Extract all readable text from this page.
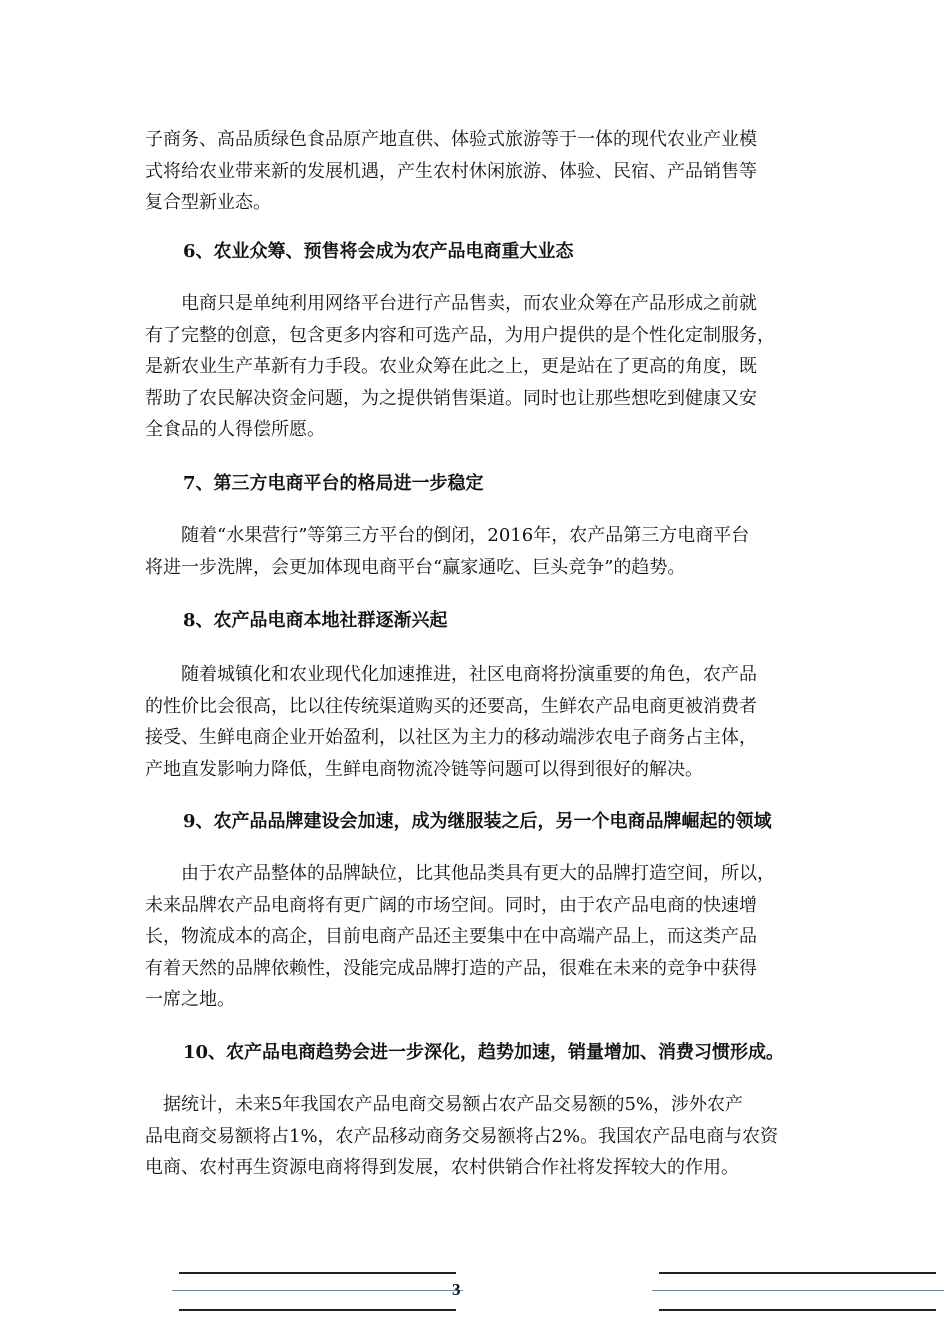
子商务、高品质绿色食品原产地直供、体验式旅游等于一体的现代农业产业模
式将给农业带来新的发展机遇，产生农村休闲旅游、体验、民宿、产品销售等
复合型新业态。
6、农业众筹、预售将会成为农产品电商重大业态
　　电商只是单纯利用网络平台进行产品售卖，而农业众筹在产品形成之前就
有了完整的创意，包含更多内容和可选产品，为用户提供的是个性化定制服务，
是新农业生产革新有力手段。农业众筹在此之上，更是站在了更高的角度，既
帮助了农民解决资金问题，为之提供销售渠道。同时也让那些想吃到健康又安
全食品的人得偿所愿。
7、第三方电商平台的格局进一步稳定
　　随着“水果营行”等第三方平台的倒闭，2016年，农产品第三方电商平台
将进一步洗牌，会更加体现电商平台“赢家通吃、巨头竞争”的趋势。
8、农产品电商本地社群逐渐兴起
　　随着城镇化和农业现代化加速推进，社区电商将扮演重要的角色，农产品
的性价比会很高，比以往传统渠道购买的还要高，生鲜农产品电商更被消费者
接受、生鲜电商企业开始盈利，以社区为主力的移动端涉农电子商务占主体，
产地直发影响力降低，生鲜电商物流冷链等问题可以得到很好的解决。
9、农产品品牌建设会加速，成为继服装之后，另一个电商品牌崛起的领域
　　由于农产品整体的品牌缺位，比其他品类具有更大的品牌打造空间，所以，
未来品牌农产品电商将有更广阔的市场空间。同时，由于农产品电商的快速增
长，物流成本的高企，目前电商产品还主要集中在中高端产品上，而这类产品
有着天然的品牌依赖性，没能完成品牌打造的产品，很难在未来的竞争中获得
一席之地。
10、农产品电商趋势会进一步深化，趋势加速，销量增加、消费习惯形成。
　据统计，未来5年我国农产品电商交易额占农产品交易额的5%，涉外农产
品电商交易额将占1%，农产品移动商务交易额将占2%。我国农产品电商与农资
电商、农村再生资源电商将得到发展，农村供销合作社将发挥较大的作用。
3
